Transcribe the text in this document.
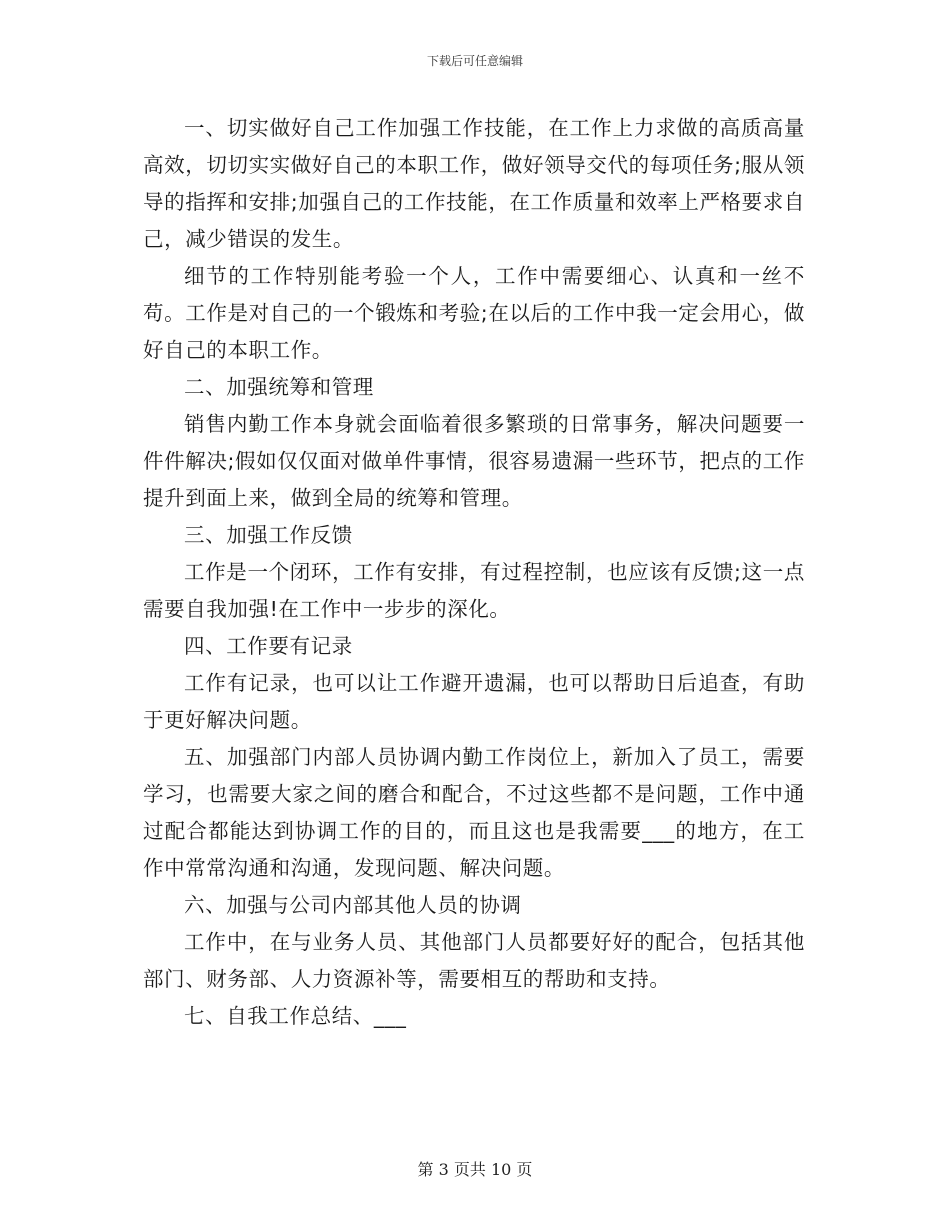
下载后可任意编辑

一、切实做好自己工作加强工作技能，在工作上力求做的高质高量高效，切切实实做好自己的本职工作，做好领导交代的每项任务;服从领导的指挥和安排;加强自己的工作技能，在工作质量和效率上严格要求自己，减少错误的发生。

细节的工作特别能考验一个人，工作中需要细心、认真和一丝不苟。工作是对自己的一个锻炼和考验;在以后的工作中我一定会用心，做好自己的本职工作。

二、加强统筹和管理

销售内勤工作本身就会面临着很多繁琐的日常事务，解决问题要一件件解决;假如仅仅面对做单件事情，很容易遗漏一些环节，把点的工作提升到面上来，做到全局的统筹和管理。

三、加强工作反馈

工作是一个闭环，工作有安排，有过程控制，也应该有反馈;这一点需要自我加强!在工作中一步步的深化。

四、工作要有记录

工作有记录，也可以让工作避开遗漏，也可以帮助日后追查，有助于更好解决问题。

五、加强部门内部人员协调内勤工作岗位上，新加入了员工，需要学习，也需要大家之间的磨合和配合，不过这些都不是问题，工作中通过配合都能达到协调工作的目的，而且这也是我需要___的地方，在工作中常常沟通和沟通，发现问题、解决问题。

六、加强与公司内部其他人员的协调

工作中，在与业务人员、其他部门人员都要好好的配合，包括其他部门、财务部、人力资源补等，需要相互的帮助和支持。

七、自我工作总结、___

第 3 页共 10 页
